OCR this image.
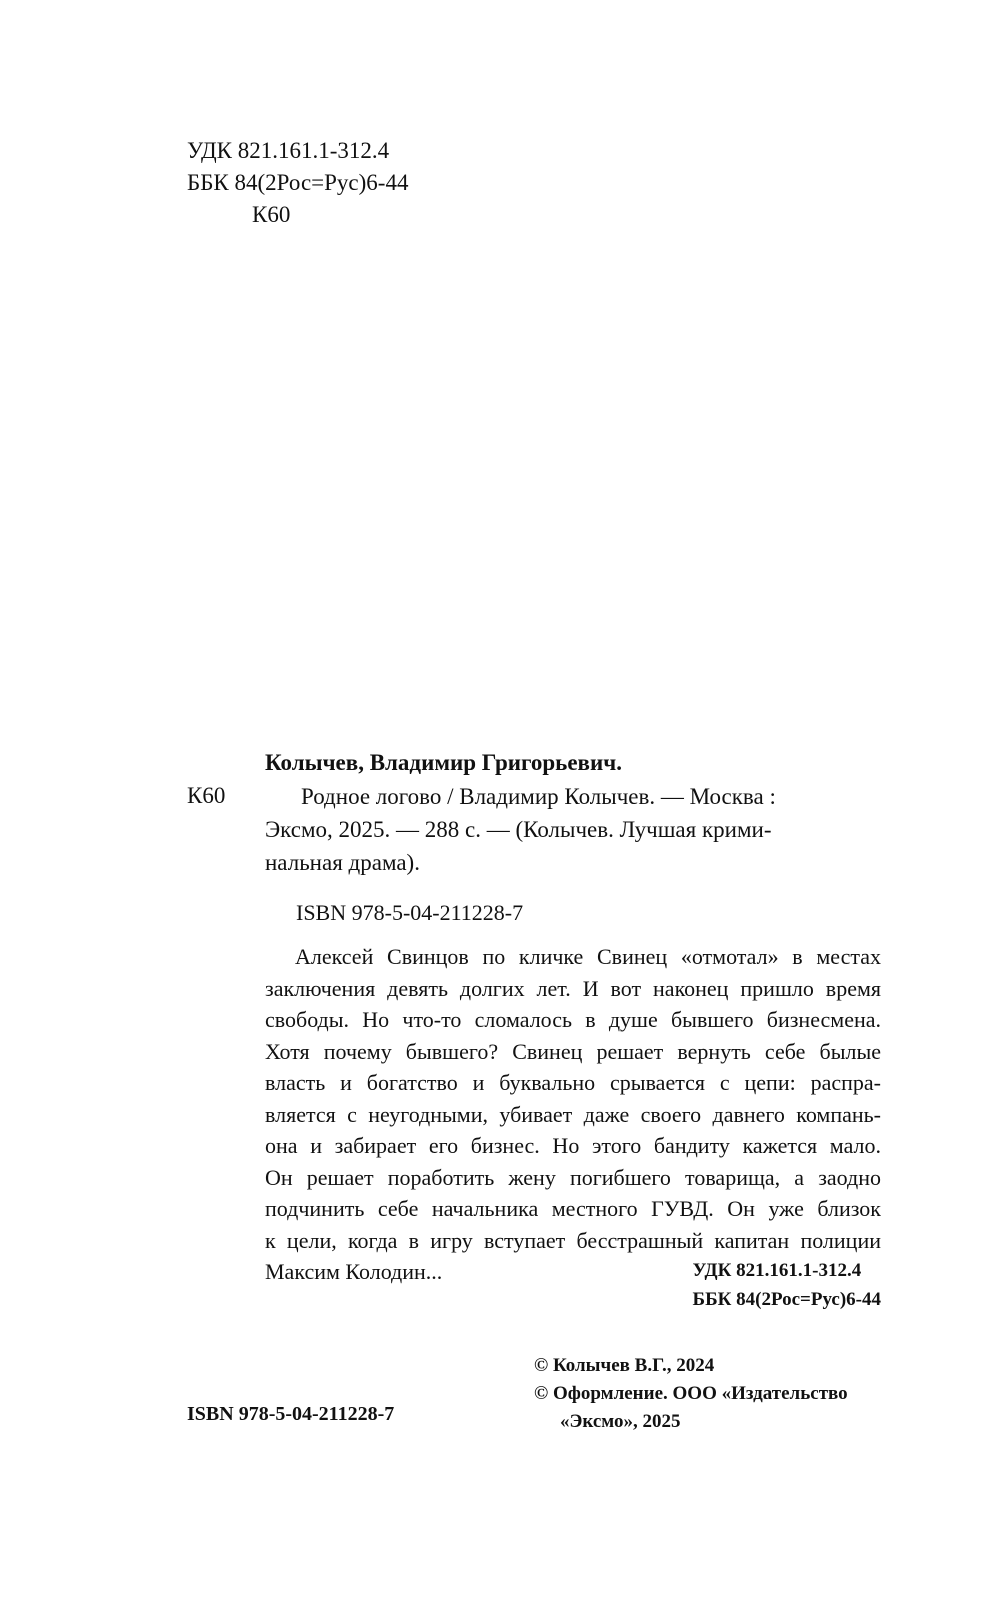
УДК 821.161.1-312.4
ББК 84(2Рос=Рус)6-44
К60
Колычев, Владимир Григорьевич.
К60	Родное логово / Владимир Колычев. — Москва :
Эксмо, 2025. — 288 с. — (Колычев. Лучшая крими-
нальная драма).
ISBN 978-5-04-211228-7
Алексей Свинцов по кличке Свинец «отмотал» в местах
заключения девять долгих лет. И вот наконец пришло время
свободы. Но что-то сломалось в душе бывшего бизнесмена.
Хотя почему бывшего? Свинец решает вернуть себе былые
власть и богатство и буквально срывается с цепи: распра-
вляется с неугодными, убивает даже своего давнего компань-
она и забирает его бизнес. Но этого бандиту кажется мало.
Он решает поработить жену погибшего товарища, а заодно
подчинить себе начальника местного ГУВД. Он уже близок
к цели, когда в игру вступает бесстрашный капитан полиции
Максим Колодин...	УДК 821.161.1-312.4
ББК 84(2Рос=Рус)6-44
© Колычев В.Г., 2024
© Оформление. ООО «Издательство
«Эксмо», 2025
ISBN 978-5-04-211228-7
